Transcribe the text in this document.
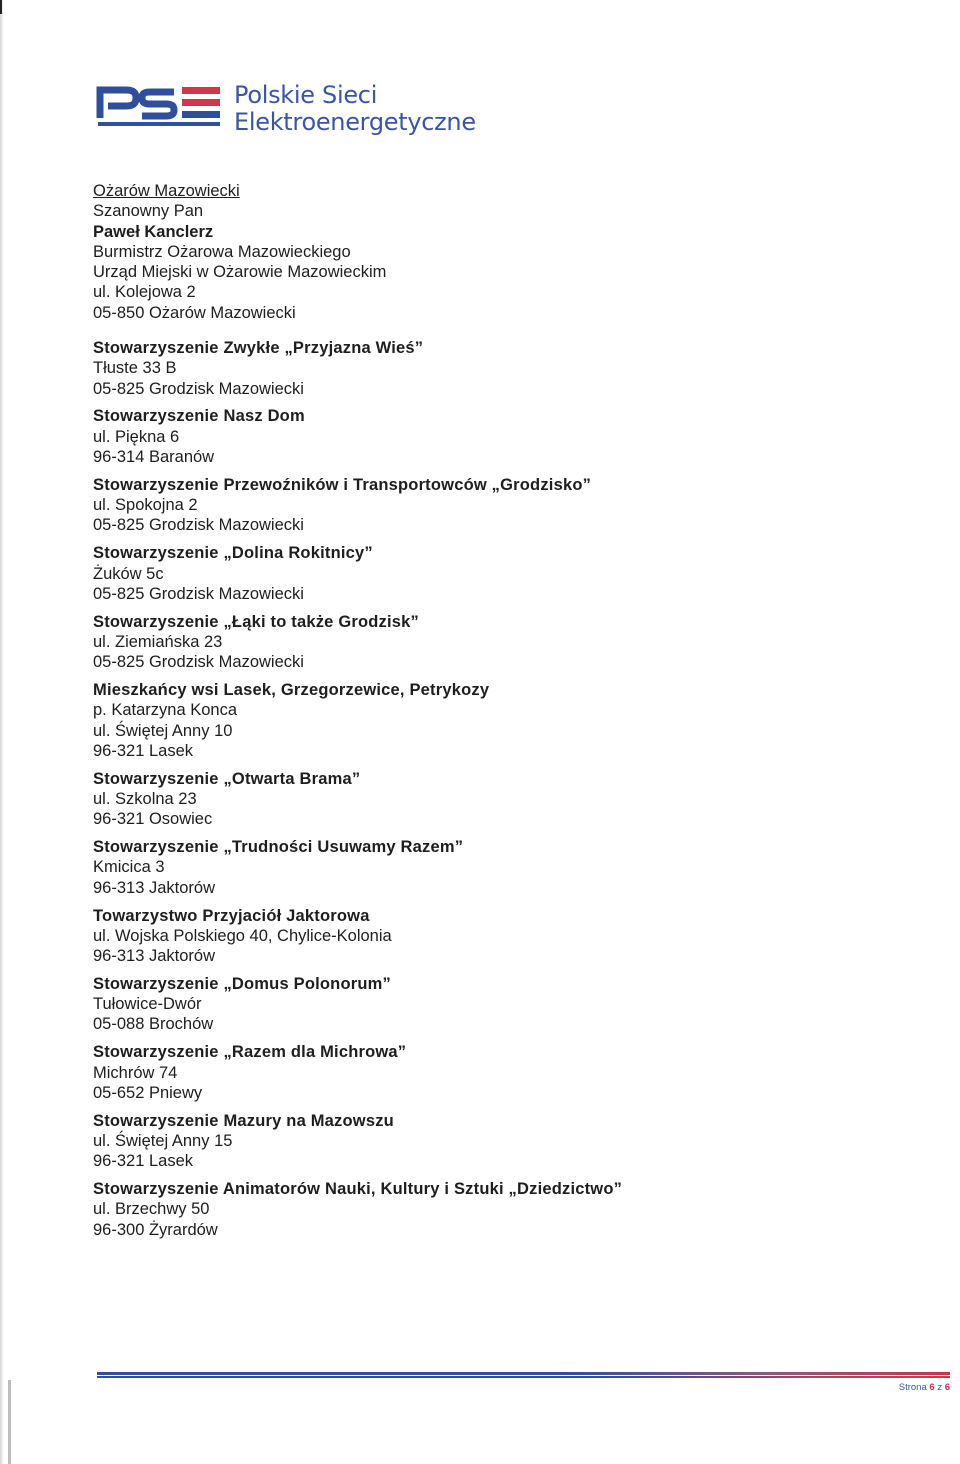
Polskie Sieci
Elektroenergetyczne
Ożarów Mazowiecki
Szanowny Pan
Paweł Kanclerz
Burmistrz Ożarowa Mazowieckiego
Urząd Miejski w Ożarowie Mazowieckim
ul. Kolejowa 2
05-850 Ożarów Mazowiecki
Stowarzyszenie Zwykłe „Przyjazna Wieś”
Tłuste 33 B
05-825 Grodzisk Mazowiecki
Stowarzyszenie Nasz Dom
ul. Piękna 6
96-314 Baranów
Stowarzyszenie Przewoźników i Transportowców „Grodzisko”
ul. Spokojna 2
05-825 Grodzisk Mazowiecki
Stowarzyszenie „Dolina Rokitnicy”
Żuków 5c
05-825 Grodzisk Mazowiecki
Stowarzyszenie „Łąki to także Grodzisk”
ul. Ziemiańska 23
05-825 Grodzisk Mazowiecki
Mieszkańcy wsi Lasek, Grzegorzewice, Petrykozy
p. Katarzyna Konca
ul. Świętej Anny 10
96-321 Lasek
Stowarzyszenie „Otwarta Brama”
ul. Szkolna 23
96-321 Osowiec
Stowarzyszenie „Trudności Usuwamy Razem”
Kmicica 3
96-313 Jaktorów
Towarzystwo Przyjaciół Jaktorowa
ul. Wojska Polskiego 40, Chylice-Kolonia
96-313 Jaktorów
Stowarzyszenie „Domus Polonorum”
Tułowice-Dwór
05-088 Brochów
Stowarzyszenie „Razem dla Michrowa”
Michrów 74
05-652 Pniewy
Stowarzyszenie Mazury na Mazowszu
ul. Świętej Anny 15
96-321 Lasek
Stowarzyszenie Animatorów Nauki, Kultury i Sztuki „Dziedzictwo”
ul. Brzechwy 50
96-300 Żyrardów
Strona 6 z 6
